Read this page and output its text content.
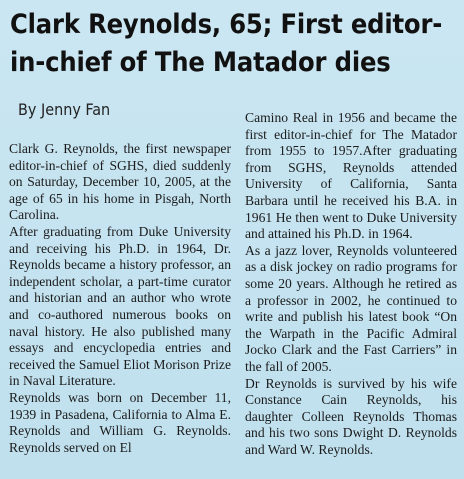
Clark Reynolds, 65; First editor-
in-chief of The Matador dies
By Jenny Fan

Clark G. Reynolds, the first newspaper editor-in-chief of SGHS, died suddenly on Saturday, December 10, 2005, at the age of 65 in his home in Pisgah, North Carolina.

After graduating from Duke University and receiving his Ph.D. in 1964, Dr. Reynolds became a history professor, an independent scholar, a part-time curator and historian and an author who wrote and co-authored numerous books on naval history. He also published many essays and encyclopedia entries and received the Samuel Eliot Morison Prize in Naval Literature.

Reynolds was born on December 11, 1939 in Pasadena, California to Alma E. Reynolds and William G. Reynolds. Reynolds served on El

Camino Real in 1956 and became the first editor-in-chief for The Matador from 1955 to 1957.After graduating from SGHS, Reynolds attended University of California, Santa Barbara until he received his B.A. in 1961 He then went to Duke University and attained his Ph.D. in 1964.

As a jazz lover, Reynolds volunteered as a disk jockey on radio programs for some 20 years. Although he retired as a professor in 2002, he continued to write and publish his latest book “On the Warpath in the Pacific Admiral Jocko Clark and the Fast Carriers” in the fall of 2005.

Dr Reynolds is survived by his wife Constance Cain Reynolds, his daughter Colleen Reynolds Thomas and his two sons Dwight D. Reynolds and Ward W. Reynolds.
